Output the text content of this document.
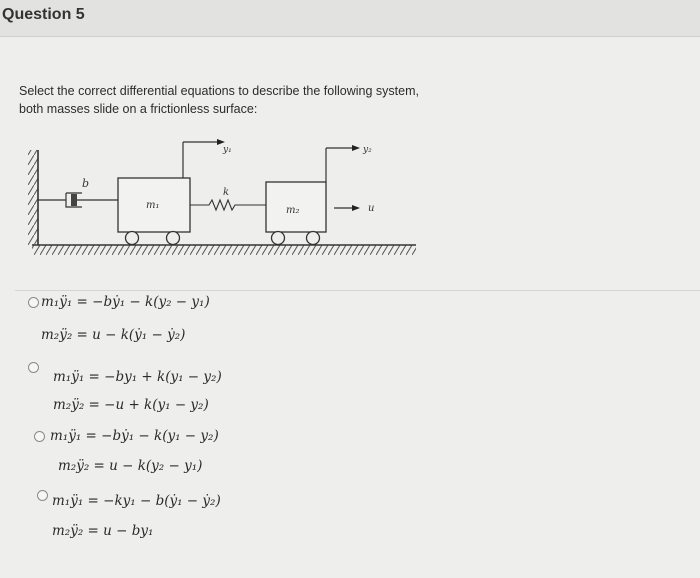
Question 5
Select the correct differential equations to describe the following system,
both masses slide on a frictionless surface:
b
m₁
k
m₂
y₁	y₂
u
m₁ÿ₁ = −bẏ₁ − k(y₂ − y₁)
m₂ÿ₂ = u − k(ẏ₁ − ẏ₂)
m₁ÿ₁ = −by₁ + k(y₁ − y₂)
m₂ÿ₂ = −u + k(y₁ − y₂)
m₁ÿ₁ = −bẏ₁ − k(y₁ − y₂)
m₂ÿ₂ = u − k(y₂ − y₁)
m₁ÿ₁ = −ky₁ − b(ẏ₁ − ẏ₂)
m₂ÿ₂ = u − by₁
